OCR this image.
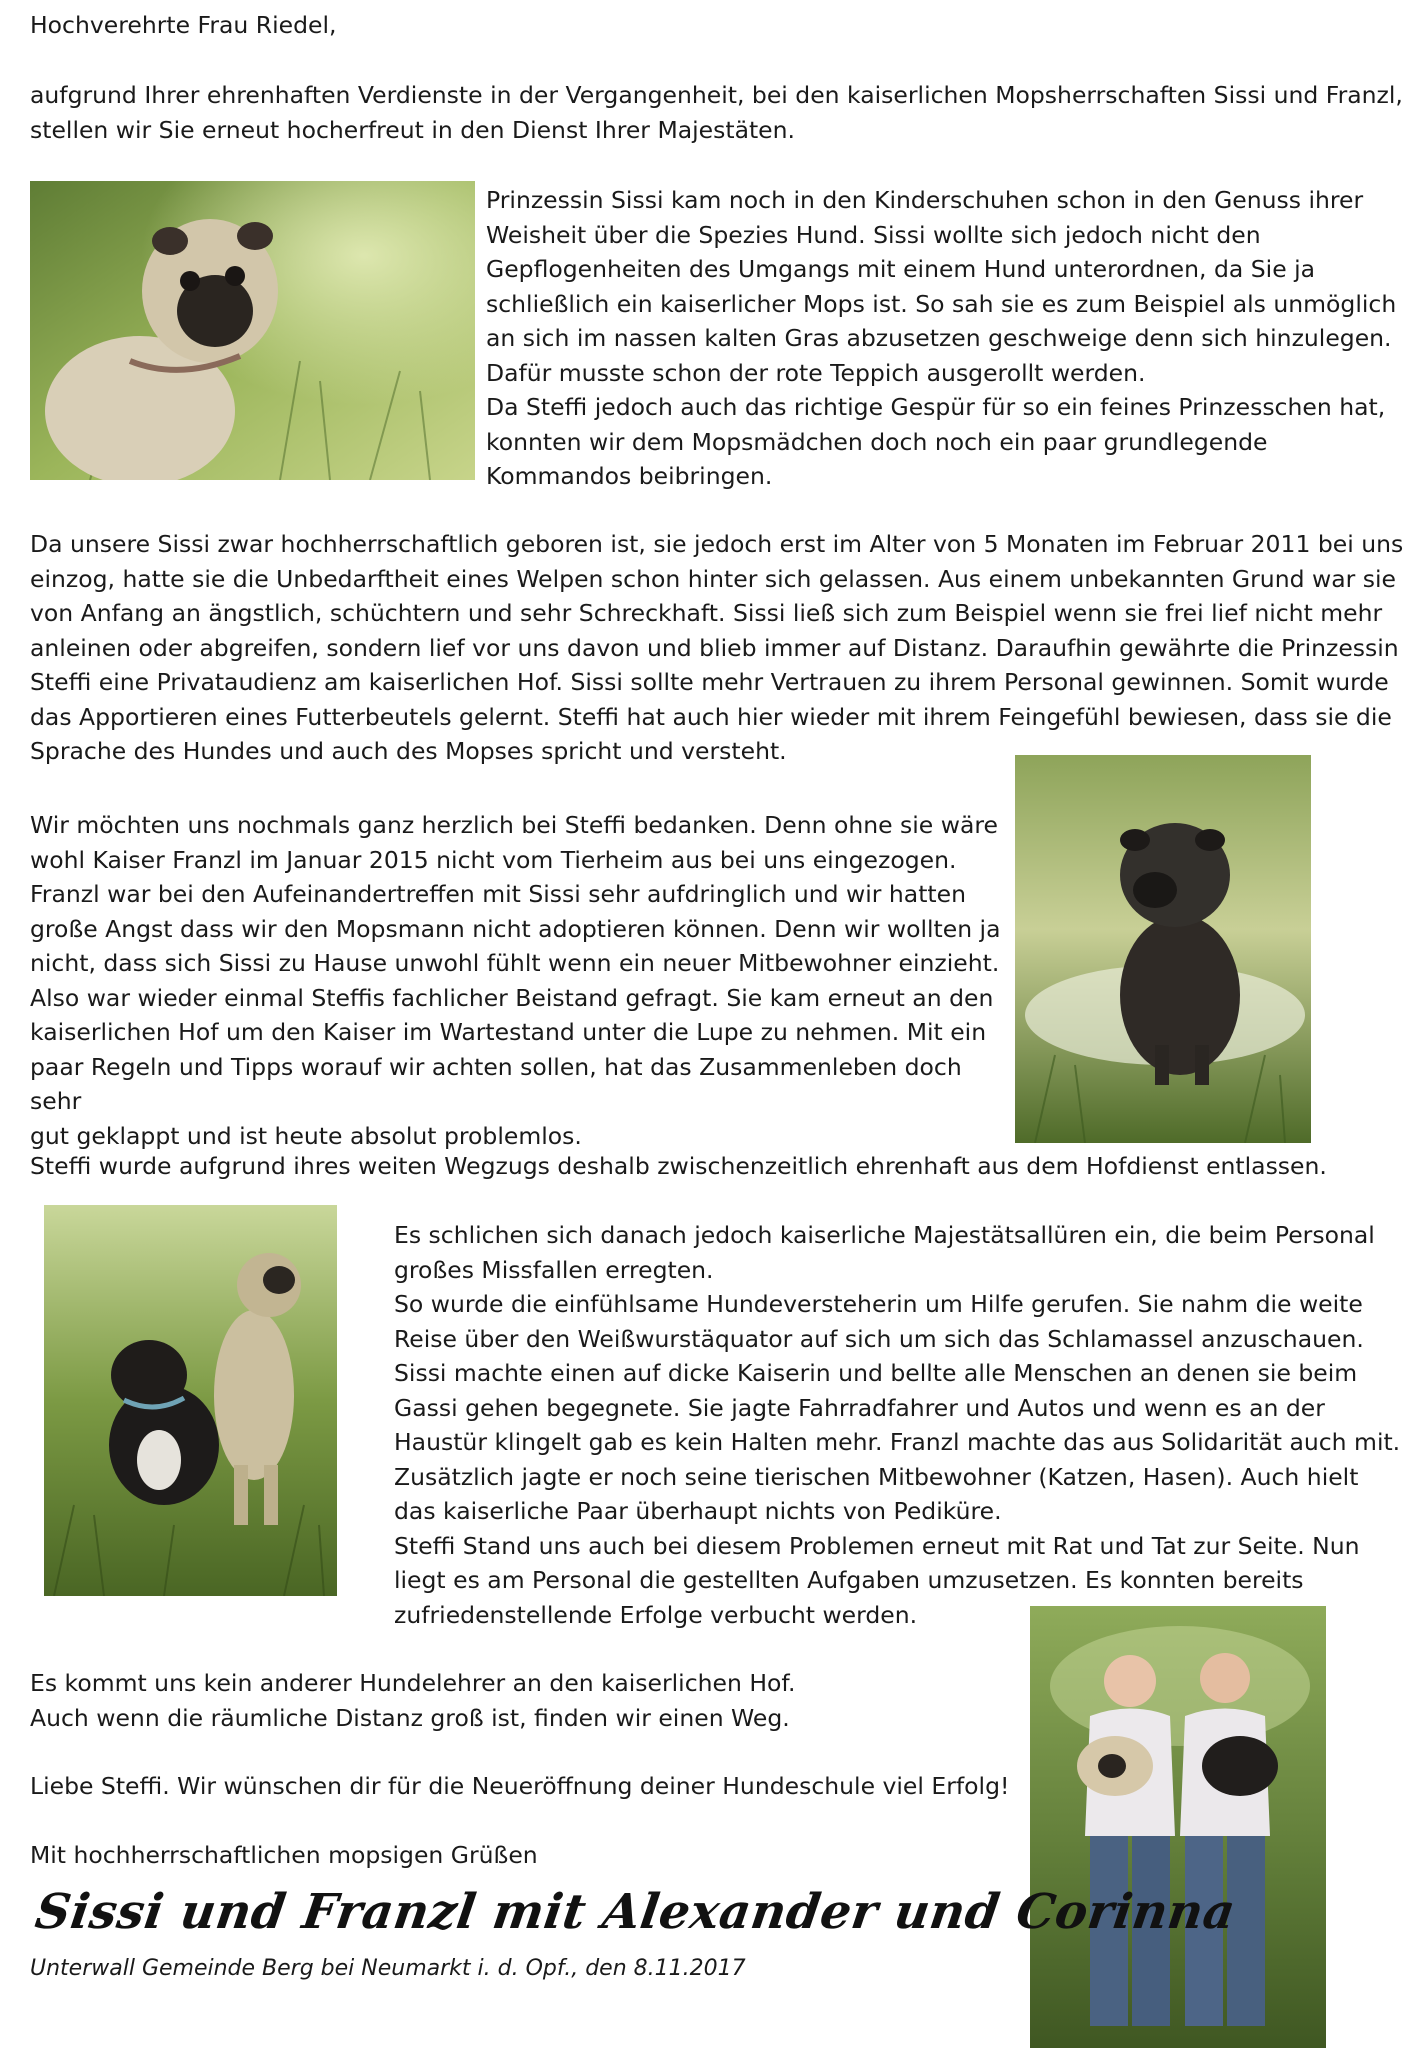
Hochverehrte Frau Riedel,

aufgrund Ihrer ehrenhaften Verdienste in der Vergangenheit, bei den kaiserlichen Mopsherrschaften Sissi und Franzl,
stellen wir Sie erneut hocherfreut in den Dienst Ihrer Majestäten.

Prinzessin Sissi kam noch in den Kinderschuhen schon in den Genuss ihrer
Weisheit über die Spezies Hund. Sissi wollte sich jedoch nicht den
Gepflogenheiten des Umgangs mit einem Hund unterordnen, da Sie ja
schließlich ein kaiserlicher Mops ist. So sah sie es zum Beispiel als unmöglich
an sich im nassen kalten Gras abzusetzen geschweige denn sich hinzulegen.
Dafür musste schon der rote Teppich ausgerollt werden.
Da Steffi jedoch auch das richtige Gespür für so ein feines Prinzesschen hat,
konnten wir dem Mopsmädchen doch noch ein paar grundlegende
Kommandos beibringen.

Da unsere Sissi zwar hochherrschaftlich geboren ist, sie jedoch erst im Alter von 5 Monaten im Februar 2011 bei uns
einzog, hatte sie die Unbedarftheit eines Welpen schon hinter sich gelassen. Aus einem unbekannten Grund war sie
von Anfang an ängstlich, schüchtern und sehr Schreckhaft. Sissi ließ sich zum Beispiel wenn sie frei lief nicht mehr
anleinen oder abgreifen, sondern lief vor uns davon und blieb immer auf Distanz. Daraufhin gewährte die Prinzessin
Steffi eine Privataudienz am kaiserlichen Hof. Sissi sollte mehr Vertrauen zu ihrem Personal gewinnen. Somit wurde
das Apportieren eines Futterbeutels gelernt. Steffi hat auch hier wieder mit ihrem Feingefühl bewiesen, dass sie die
Sprache des Hundes und auch des Mopses spricht und versteht.

Wir möchten uns nochmals ganz herzlich bei Steffi bedanken. Denn ohne sie wäre
wohl Kaiser Franzl im Januar 2015 nicht vom Tierheim aus bei uns eingezogen.
Franzl war bei den Aufeinandertreffen mit Sissi sehr aufdringlich und wir hatten
große Angst dass wir den Mopsmann nicht adoptieren können. Denn wir wollten ja
nicht, dass sich Sissi zu Hause unwohl fühlt wenn ein neuer Mitbewohner einzieht.
Also war wieder einmal Steffis fachlicher Beistand gefragt. Sie kam erneut an den
kaiserlichen Hof um den Kaiser im Wartestand unter die Lupe zu nehmen. Mit ein
paar Regeln und Tipps worauf wir achten sollen, hat das Zusammenleben doch sehr
gut geklappt und ist heute absolut problemlos.

Steffi wurde aufgrund ihres weiten Wegzugs deshalb zwischenzeitlich ehrenhaft aus dem Hofdienst entlassen.

Es schlichen sich danach jedoch kaiserliche Majestätsallüren ein, die beim Personal
großes Missfallen erregten.
So wurde die einfühlsame Hundeversteherin um Hilfe gerufen. Sie nahm die weite
Reise über den Weißwurstäquator auf sich um sich das Schlamassel anzuschauen.
Sissi machte einen auf dicke Kaiserin und bellte alle Menschen an denen sie beim
Gassi gehen begegnete. Sie jagte Fahrradfahrer und Autos und wenn es an der
Haustür klingelt gab es kein Halten mehr. Franzl machte das aus Solidarität auch mit.
Zusätzlich jagte er noch seine tierischen Mitbewohner (Katzen, Hasen). Auch hielt
das kaiserliche Paar überhaupt nichts von Pediküre.
Steffi Stand uns auch bei diesem Problemen erneut mit Rat und Tat zur Seite. Nun
liegt es am Personal die gestellten Aufgaben umzusetzen. Es konnten bereits
zufriedenstellende Erfolge verbucht werden.

Es kommt uns kein anderer Hundelehrer an den kaiserlichen Hof.
Auch wenn die räumliche Distanz groß ist, finden wir einen Weg.

Liebe Steffi. Wir wünschen dir für die Neueröffnung deiner Hundeschule viel Erfolg!

Mit hochherrschaftlichen mopsigen Grüßen

Sissi und Franzl mit Alexander und Corinna
Unterwall Gemeinde Berg bei Neumarkt i. d. Opf., den 8.11.2017
